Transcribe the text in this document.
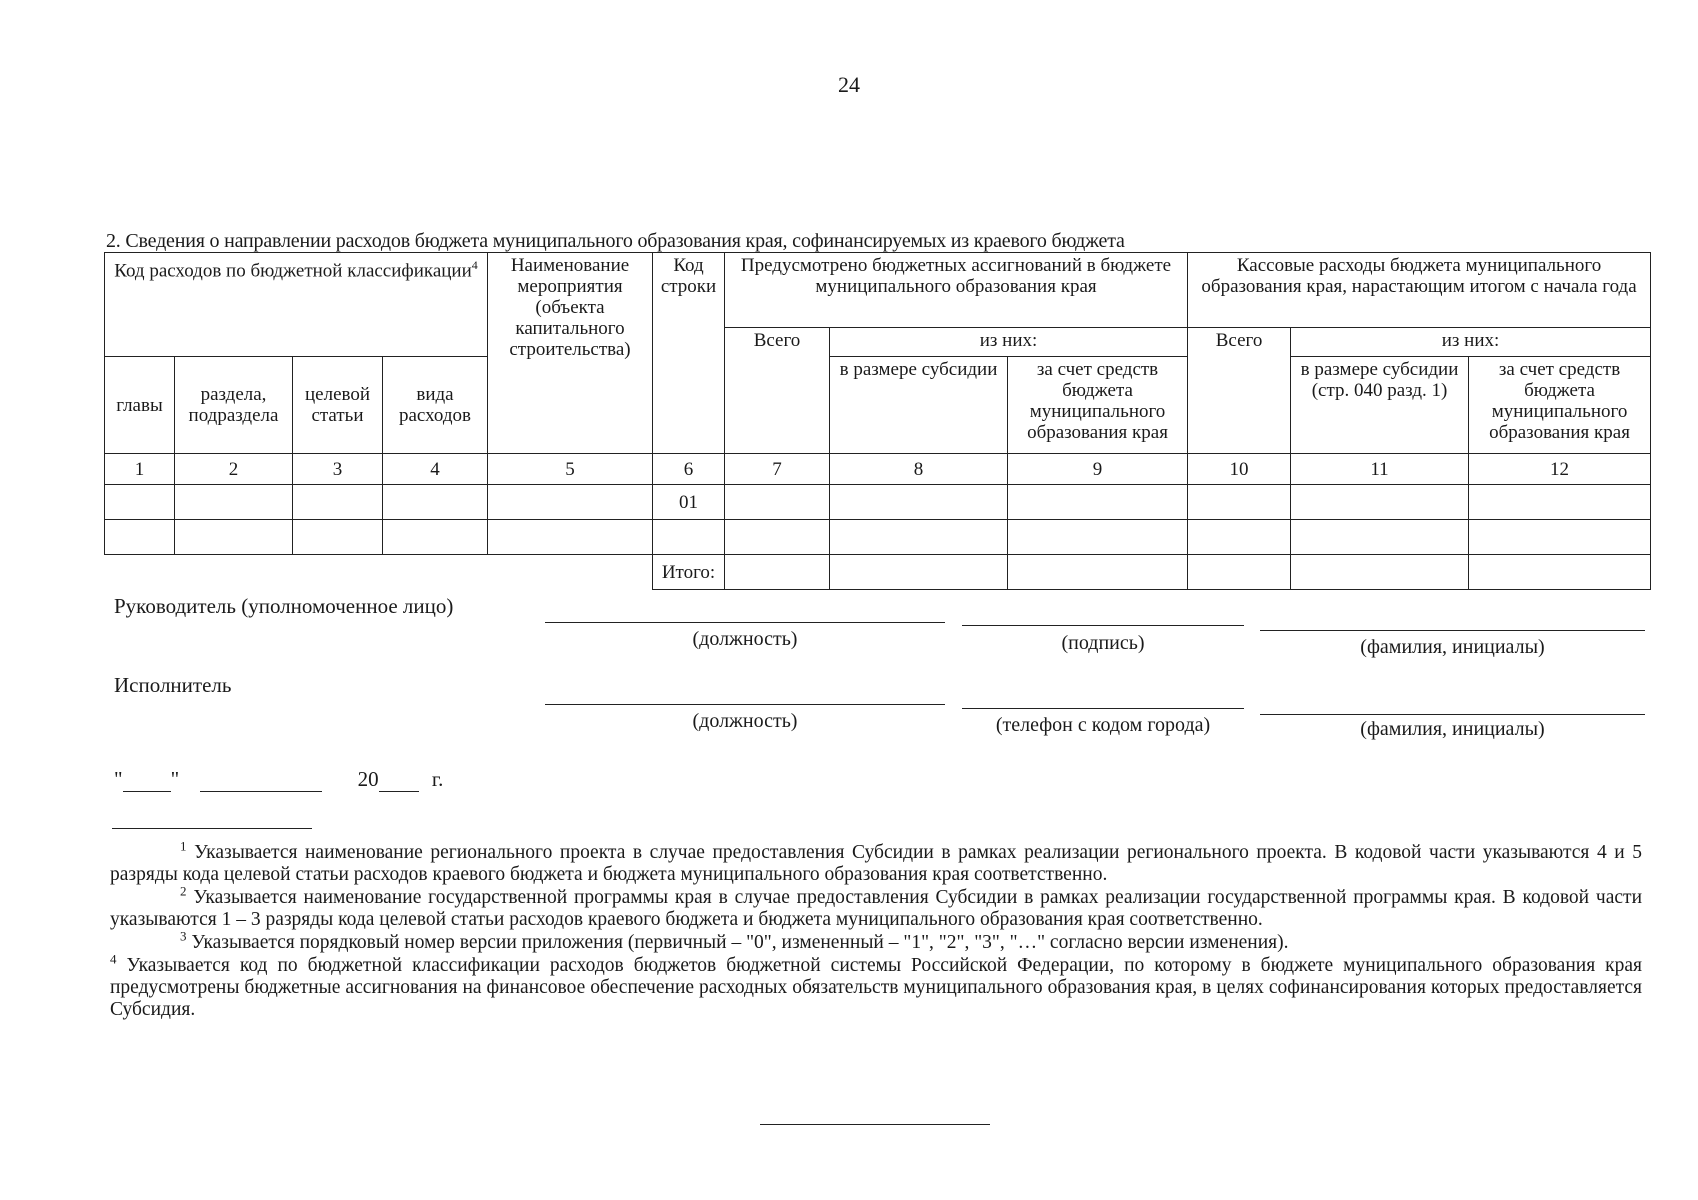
24
2. Сведения о направлении расходов бюджета муниципального образования края, софинансируемых из краевого бюджета
Код расходов по бюджетной классификации$^4$				Наименование мероприятия (объекта капитального строительства)	Код строки	Предусмотрено бюджетных ассигнований в бюджете муниципального образования края			Кассовые расходы бюджета муниципального образования края, нарастающим итогом с начала года		
						Всего	из них:		Всего	из них:	
главы	раздела, подраздела	целевой статьи	вида расходов				в размере субсидии	за счет средств бюджета муниципального образования края		в размере субсидии (стр. 040 разд. 1)	за счет средств бюджета муниципального образования края
1	2	3	4	5	6	7	8	9	10	11	12
					01						

					Итого:						
Руководитель (уполномоченное лицо)
(должность)	(подпись)	(фамилия, инициалы)
Исполнитель
(должность)	(телефон с кодом города)	(фамилия, инициалы)
" "	20	г.

$^1$ Указывается наименование регионального проекта в случае предоставления Субсидии в рамках реализации регионального проекта. В кодовой части указываются 4 и 5 разряды кода целевой статьи расходов краевого бюджета и бюджета муниципального образования края соответственно.

$^2$ Указывается наименование государственной программы края в случае предоставления Субсидии в рамках реализации государственной программы края. В кодовой части указываются 1 – 3 разряды кода целевой статьи расходов краевого бюджета и бюджета муниципального образования края соответственно.

$^3$ Указывается порядковый номер версии приложения (первичный – "0", измененный – "1", "2", "3", "…" согласно версии изменения).

$^4$ Указывается код по бюджетной классификации расходов бюджетов бюджетной системы Российской Федерации, по которому в бюджете муниципального образования края предусмотрены бюджетные ассигнования на финансовое обеспечение расходных обязательств муниципального образования края, в целях софинансирования которых предоставляется Субсидия.
